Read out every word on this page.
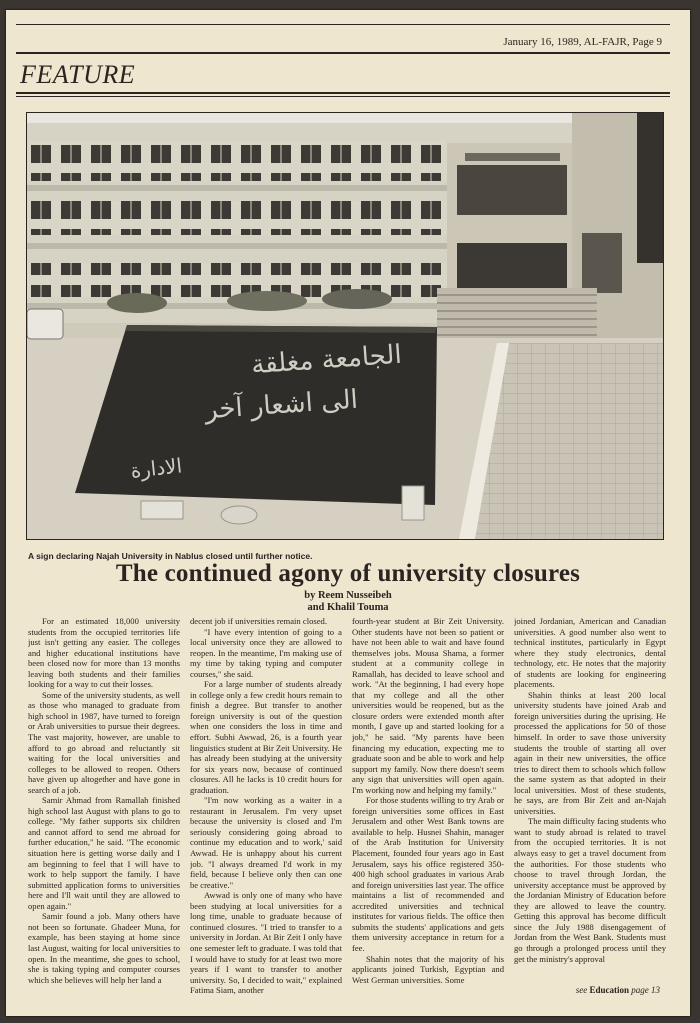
January 16, 1989, AL-FAJR, Page 9
FEATURE
الجامعة مغلقة
الى اشعار آخر
الادارة
A sign declaring Najah University in Nablus closed until further notice.
The continued agony of university closures
by Reem Nusseibeh
and Khalil Touma

For an estimated 18,000 university students from the occupied territories life just isn't getting any easier. The colleges and higher educational institutions have been closed now for more than 13 months leaving both students and their families looking for a way to cut their losses.

Some of the university students, as well as those who managed to graduate from high school in 1987, have turned to foreign or Arab universities to pursue their degrees. The vast majority, however, are unable to afford to go abroad and reluctantly sit waiting for the local universities and colleges to be allowed to reopen. Others have given up altogether and have gone in search of a job.

Samir Ahmad from Ramallah finished high school last August with plans to go to college. "My father supports six children and cannot afford to send me abroad for further education," he said. "The economic situation here is getting worse daily and I am beginning to feel that I will have to work to help support the family. I have submitted application forms to universities here and I'll wait until they are allowed to open again."

Samir found a job. Many others have not been so fortunate. Ghadeer Muna, for example, has been staying at home since last August, waiting for local universities to open. In the meantime, she goes to school, she is taking typing and computer courses which she believes will help her land a

decent job if universities remain closed.

"I have every intention of going to a local university once they are allowed to reopen. In the meantime, I'm making use of my time by taking typing and computer courses," she said.

For a large number of students already in college only a few credit hours remain to finish a degree. But transfer to another foreign university is out of the question when one considers the loss in time and effort. Subhi Awwad, 26, is a fourth year linguistics student at Bir Zeit University. He has already been studying at the university for six years now, because of continued closures. All he lacks is 10 credit hours for graduation.

"I'm now working as a waiter in a restaurant in Jerusalem. I'm very upset because the university is closed and I'm seriously considering going abroad to continue my education and to work,' said Awwad. He is unhappy about his current job. "I always dreamed I'd work in my field, because I believe only then can one be creative."

Awwad is only one of many who have been studying at local universities for a long time, unable to graduate because of continued closures. "I tried to transfer to a university in Jordan. At Bir Zeit I only have one semester left to graduate. I was told that I would have to study for at least two more years if I want to transfer to another university. So, I decided to wait," explained Fatima Siam, another

fourth-year student at Bir Zeit University. Other students have not been so patient or have not been able to wait and have found themselves jobs. Mousa Shama, a former student at a community college in Ramallah, has decided to leave school and work. "At the beginning, I had every hope that my college and all the other universities would be reopened, but as the closure orders were extended month after month, I gave up and started looking for a job," he said. "My parents have been financing my education, expecting me to graduate soon and be able to work and help support my family. Now there doesn't seem any sign that universities will open again. I'm working now and helping my family."

For those students willing to try Arab or foreign universities some offices in East Jerusalem and other West Bank towns are available to help. Husnei Shahin, manager of the Arab Institution for University Placement, founded four years ago in East Jerusalem, says his office registered 350-400 high school graduates in various Arab and foreign universities last year. The office maintains a list of recommended and accredited universities and technical institutes for various fields. The office then submits the students' applications and gets them university acceptance in return for a fee.

Shahin notes that the majority of his applicants joined Turkish, Egyptian and West German universities. Some

joined Jordanian, American and Canadian universities. A good number also went to technical institutes, particularly in Egypt where they study electronics, dental technology, etc. He notes that the majority of students are looking for engineering placements.

Shahin thinks at least 200 local university students have joined Arab and foreign universities during the uprising. He processed the applications for 50 of those himself. In order to save those university students the trouble of starting all over again in their new universities, the office tries to direct them to schools which follow the same system as that adopted in their local universities. Most of these students, he says, are from Bir Zeit and an-Najah universities.

The main difficulty facing students who want to study abroad is related to travel from the occupied territories. It is not always easy to get a travel document from the authorities. For those students who choose to travel through Jordan, the university acceptance must be approved by the Jordanian Ministry of Education before they are allowed to leave the country. Getting this approval has become difficult since the July 1988 disengagement of Jordan from the West Bank. Students must go through a prolonged process until they get the ministry's approval

see Education page 13
